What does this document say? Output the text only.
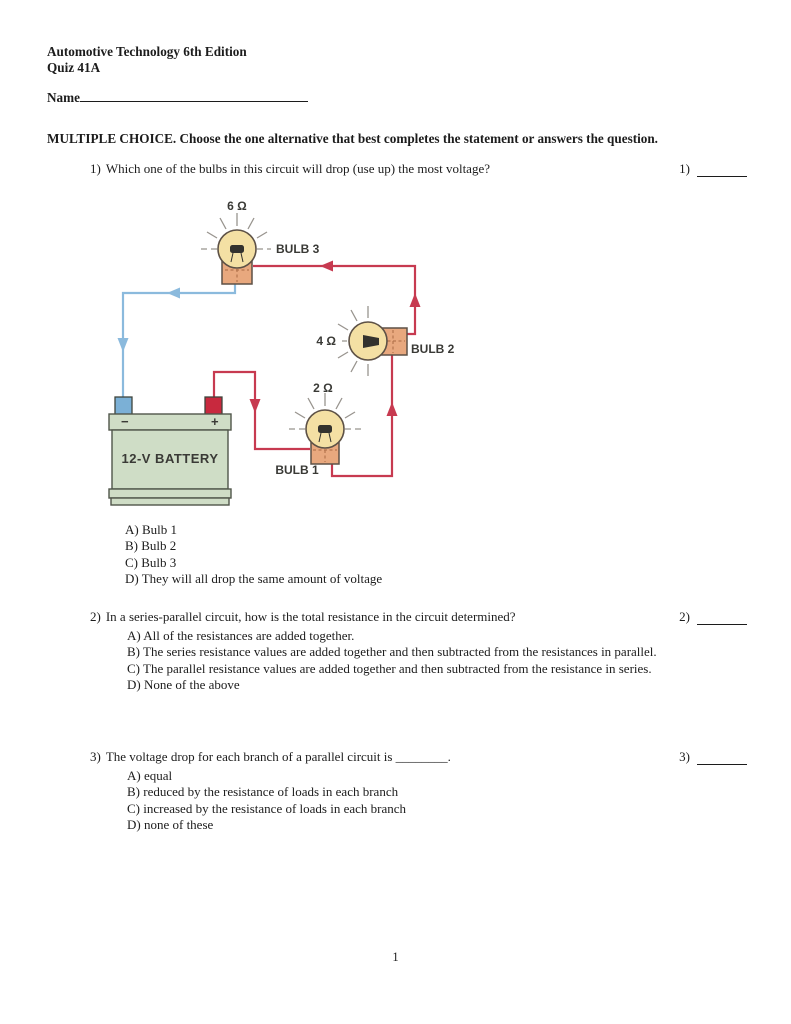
Automotive Technology 6th Edition
Quiz 41A
Name
MULTIPLE CHOICE. Choose the one alternative that best completes the statement or answers the question.
1) Which one of the bulbs in this circuit will drop (use up) the most voltage?	1)
−	+
12-V BATTERY
6 Ω
BULB 3
4 Ω
BULB 2
2 Ω
BULB 1
A) Bulb 1
B) Bulb 2
C) Bulb 3
D) They will all drop the same amount of voltage
2) In a series-parallel circuit, how is the total resistance in the circuit determined?	2)
A) All of the resistances are added together.
B) The series resistance values are added together and then subtracted from the resistances in parallel.
C) The parallel resistance values are added together and then subtracted from the resistance in series.
D) None of the above
3) The voltage drop for each branch of a parallel circuit is ________.	3)
A) equal
B) reduced by the resistance of loads in each branch
C) increased by the resistance of loads in each branch
D) none of these
1
